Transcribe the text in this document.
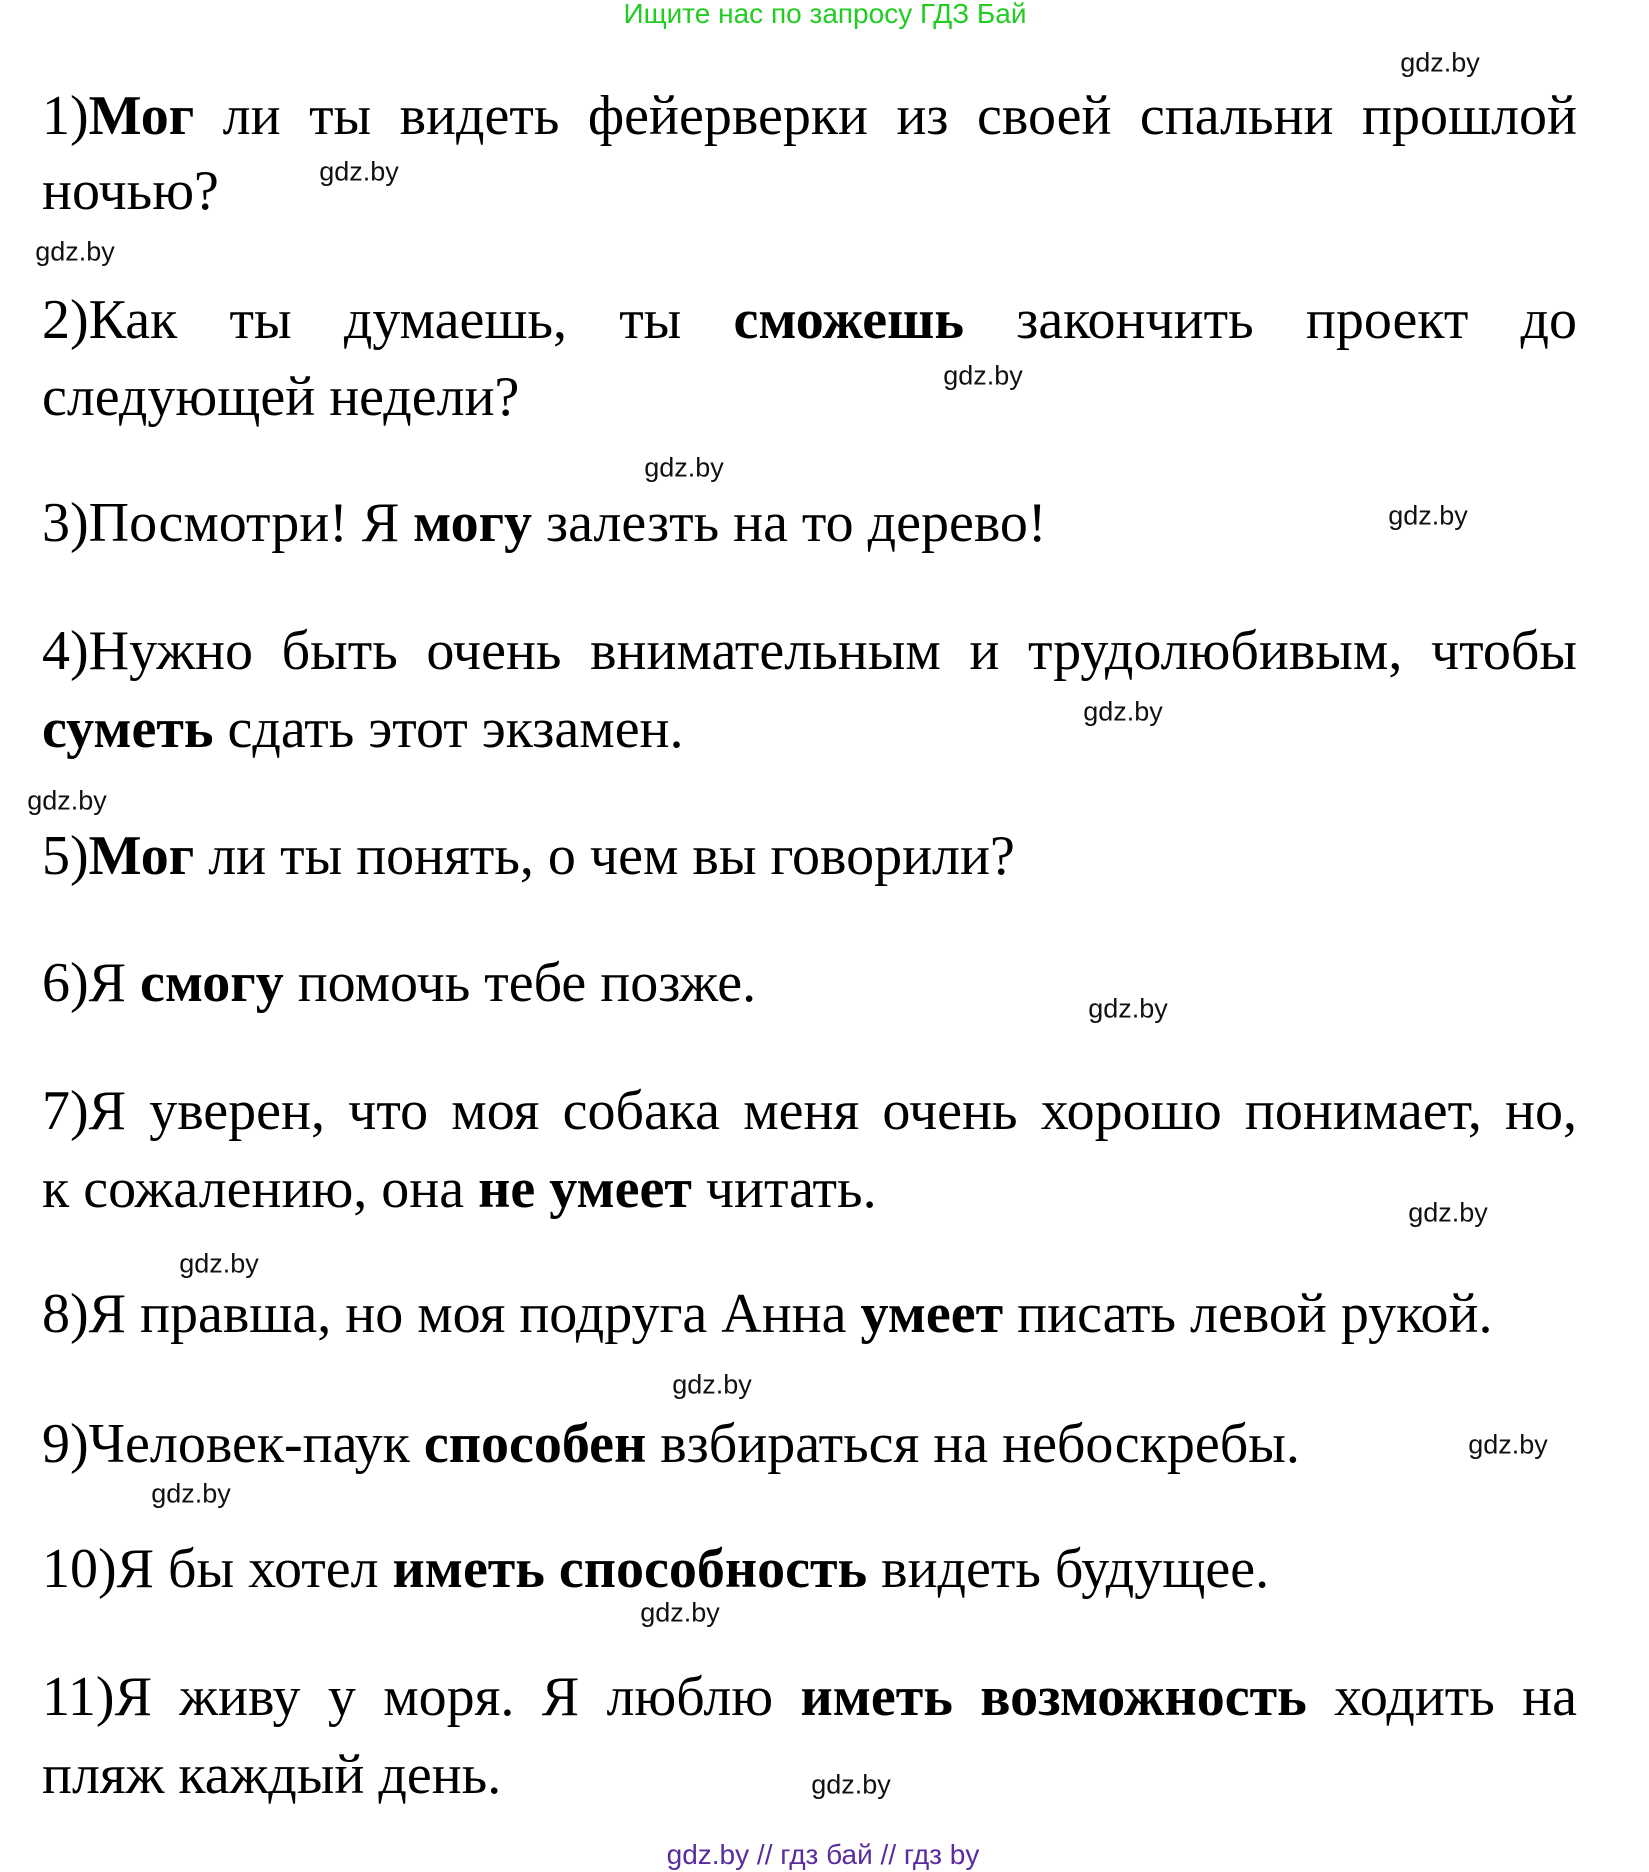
Ищите нас по запросу ГДЗ Бай
1)Мог ли ты видеть фейерверки из своей спальни прошлой
ночью?
2)Как ты думаешь, ты сможешь закончить проект до
следующей недели?
3)Посмотри! Я могу залезть на то дерево!
4)Нужно быть очень внимательным и трудолюбивым, чтобы
суметь сдать этот экзамен.
5)Мог ли ты понять, о чем вы говорили?
6)Я смогу помочь тебе позже.
7)Я уверен, что моя собака меня очень хорошо понимает, но,
к сожалению, она не умеет читать.
8)Я правша, но моя подруга Анна умеет писать левой рукой.
9)Человек-паук способен взбираться на небоскребы.
10)Я бы хотел иметь способность видеть будущее.
11)Я живу у моря. Я люблю иметь возможность ходить на
пляж каждый день.
gdz.by
gdz.by
gdz.by
gdz.by
gdz.by
gdz.by
gdz.by
gdz.by
gdz.by
gdz.by
gdz.by
gdz.by
gdz.by
gdz.by
gdz.by
gdz.by
gdz.by // гдз бай // гдз by
